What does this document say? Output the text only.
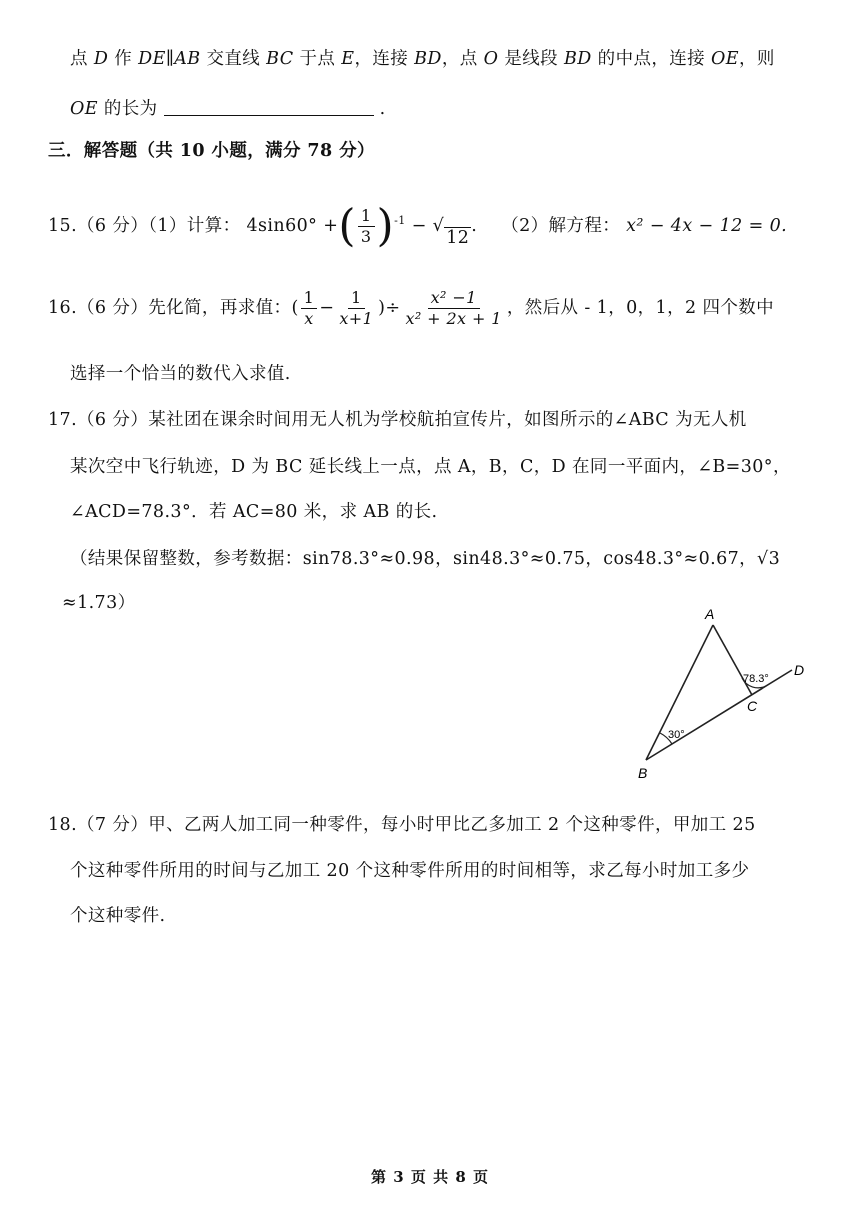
点 D 作 DE∥AB 交直线 BC 于点 E，连接 BD，点 O 是线段 BD 的中点，连接 OE，则
OE 的长为	.
三．解答题（共 10 小题，满分 78 分）
15.（6 分）（1）计算： 4sin60° +( $\frac{1}{3} )^{-1}$ − √
12
. （2）解方程： x² − 4x − 12 = 0.
16.（6 分）先化简，再求值：( $\frac{1}{x} - \frac{1}{x+1}$ )÷ $\frac{\text{x² −1}}{\text{x² + 2x + 1}}$ ，然后从 - 1，0，1，2 四个数中
选择一个恰当的数代入求值.
17.（6 分）某社团在课余时间用无人机为学校航拍宣传片，如图所示的∠ABC 为无人机
某次空中飞行轨迹，D 为 BC 延长线上一点，点 A，B，C，D 在同一平面内，∠B=30°，
∠ACD=78.3°．若 AC=80 米，求 AB 的长.
（结果保留整数，参考数据：sin78.3°≈0.98，sin48.3°≈0.75，cos48.3°≈0.67，√3
≈1.73）
A
B
C
D
30°
78.3°
18.（7 分）甲、乙两人加工同一种零件，每小时甲比乙多加工 2 个这种零件，甲加工 25
个这种零件所用的时间与乙加工 20 个这种零件所用的时间相等，求乙每小时加工多少
个这种零件.
第 3 页 共 8 页
